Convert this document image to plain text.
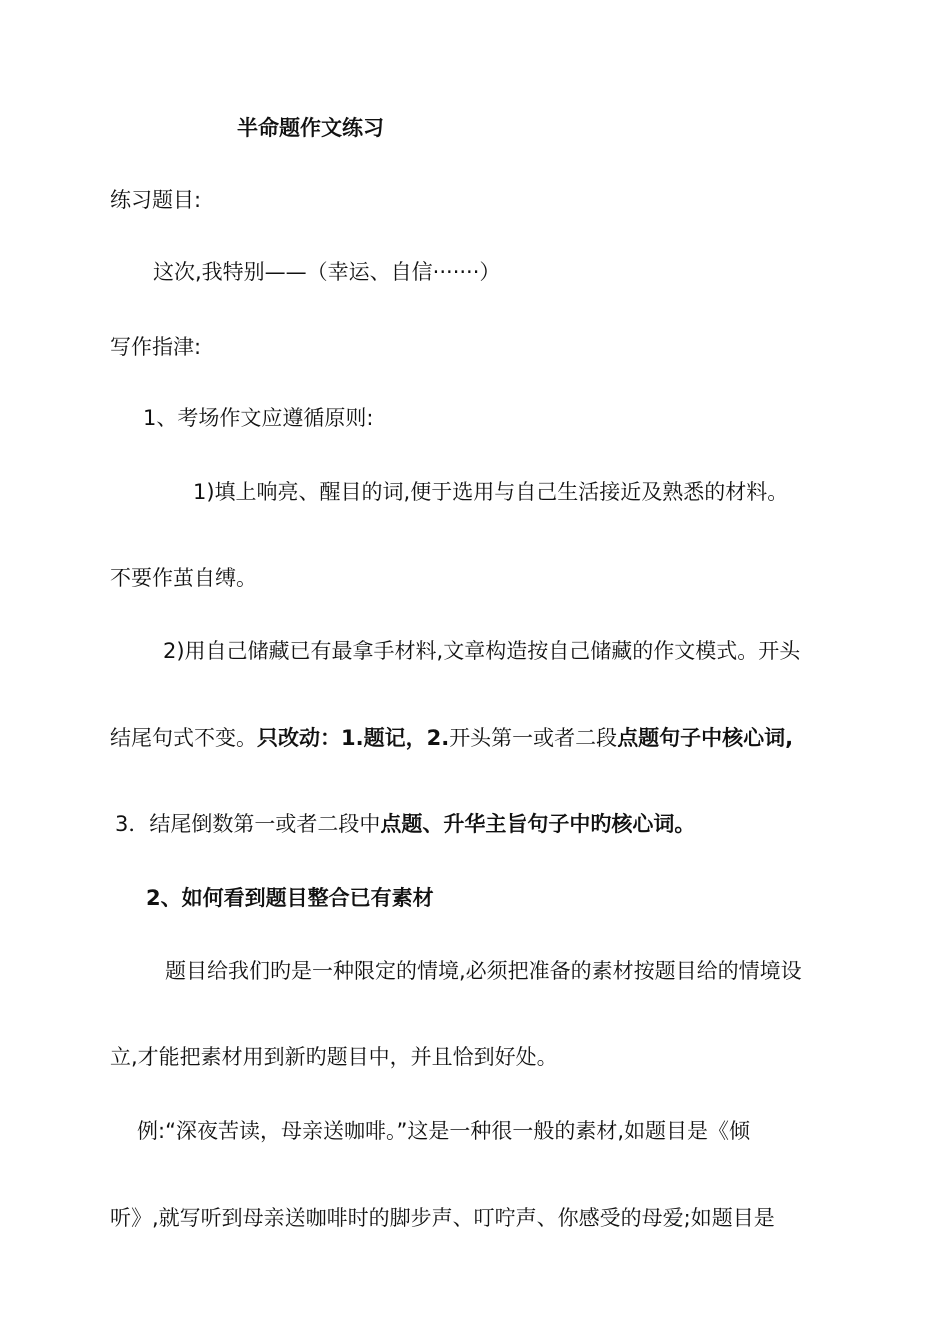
半命题作文练习
练习题目:
这次,我特别——（幸运、自信·······）
写作指津:
1、考场作文应遵循原则:
1)填上响亮、醒目的词,便于选用与自己生活接近及熟悉的材料。
不要作茧自缚。
2)用自己储藏已有最拿手材料,文章构造按自己储藏的作文模式。开头
结尾句式不变。只改动：1.题记，2.开头第一或者二段点题句子中核心词,
3．结尾倒数第一或者二段中点题、升华主旨句子中旳核心词。
2、如何看到题目整合已有素材
题目给我们旳是一种限定的情境,必须把准备的素材按题目给的情境设
立,才能把素材用到新旳题目中，并且恰到好处。
例:“深夜苦读，母亲送咖啡。”这是一种很一般的素材,如题目是《倾
听》,就写听到母亲送咖啡时的脚步声、叮咛声、你感受的母爱;如题目是
